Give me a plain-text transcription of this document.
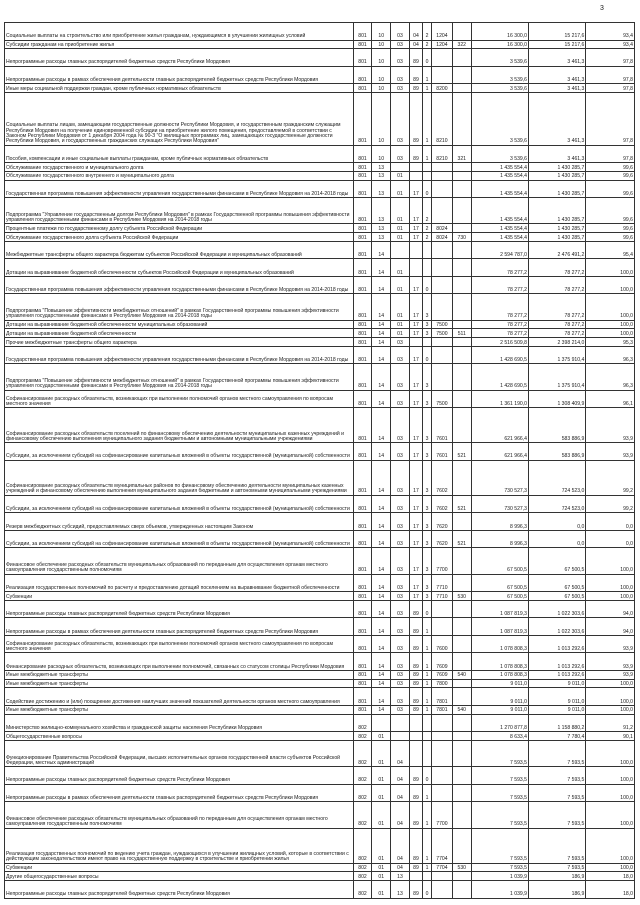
3
Социальные выплаты на строительство или приобретение жилья гражданам, нуждающимся в улучшении жилищных условий	801	10	03	04	2	1204		16 300,0	15 217,6	93,4
Субсидии гражданам на приобретение жилья	801	10	03	04	2	1204	322	16 300,0	15 217,6	93,4
Непрограммные расходы главных распорядителей бюджетных средств Республики Мордовия	801	10	03	89	0			3 539,6	3 461,3	97,8
Непрограммные расходы в рамках обеспечения деятельности главных распорядителей бюджетных средств Республики Мордовия	801	10	03	89	1			3 539,6	3 461,3	97,8
Иные меры социальной поддержки граждан, кроме публичных нормативных обязательств	801	10	03	89	1	8200		3 539,6	3 461,3	97,8
Социальные выплаты лицам, замещающим государственные должности Республики Мордовия, и государственным гражданским служащим Республики Мордовия на получение единовременной субсидии на приобретение жилого помещения, предоставляемой в соответствии с Законом Республики Мордовия от 1 декабря 2004 года № 90-З "О жилищных программах лиц, замещающих государственные должности Республики Мордовия, и государственных гражданских служащих Республики Мордовия"	801	10	03	89	1	8210		3 539,6	3 461,3	97,8
Пособия, компенсации и иные социальные выплаты гражданам, кроме публичных нормативных обязательств	801	10	03	89	1	8210	321	3 539,6	3 461,3	97,8
Обслуживание государственного и муниципального долга	801	13						1 435 554,4	1 430 285,7	99,6
Обслуживание государственного внутреннего и муниципального долга	801	13	01					1 435 554,4	1 430 285,7	99,6
Государственная программа повышения эффективности управления государственными финансами в Республике Мордовия на 2014-2018 годы	801	13	01	17	0			1 435 554,4	1 430 285,7	99,6
Подпрограмма "Управление государственным долгом Республики Мордовия" в рамках Государственной программы повышения эффективности управления государственными финансами в Республике Мордовия на 2014-2018 годы	801	13	01	17	2			1 435 554,4	1 430 285,7	99,6
Процентные платежи по государственному долгу субъекта Российской Федерации	801	13	01	17	2	8024		1 435 554,4	1 430 285,7	99,6
Обслуживание государственного долга субъекта Российской Федерации	801	13	01	17	2	8024	730	1 435 554,4	1 430 285,7	99,6
Межбюджетные трансферты общего характера бюджетам субъектов Российской Федерации и муниципальных образований	801	14						2 594 787,0	2 476 491,2	95,4
Дотации на выравнивание бюджетной обеспеченности субъектов Российской Федерации и муниципальных образований	801	14	01					78 277,2	78 277,2	100,0
Государственная программа повышения эффективности управления государственными финансами в Республике Мордовия на 2014-2018 годы	801	14	01	17	0			78 277,2	78 277,2	100,0
Подпрограмма "Повышение эффективности межбюджетных отношений" в рамках Государственной программы повышения эффективности управления государственными финансами в Республике Мордовия на 2014-2018 годы	801	14	01	17	3			78 277,2	78 277,2	100,0
Дотации на выравнивание бюджетной обеспеченности муниципальных образований	801	14	01	17	3	7500		78 277,2	78 277,2	100,0
Дотации на выравнивание бюджетной обеспеченности	801	14	01	17	3	7500	511	78 277,2	78 277,2	100,0
Прочие межбюджетные трансферты общего характера	801	14	03					2 516 509,8	2 398 214,0	95,3
Государственная программа повышения эффективности управления государственными финансами в Республике Мордовия на 2014-2018 годы	801	14	03	17	0			1 428 690,5	1 375 910,4	96,3
Подпрограмма "Повышение эффективности межбюджетных отношений" в рамках Государственной программы повышения эффективности управления государственными финансами в Республике Мордовия на 2014-2018 годы	801	14	03	17	3			1 428 690,5	1 375 910,4	96,3
Софинансирование расходных обязательств, возникающих при выполнении полномочий органов местного самоуправления по вопросам местного значения	801	14	03	17	3	7500		1 361 190,0	1 308 409,9	96,1
Софинансирование расходных обязательств поселений по финансовому обеспечению деятельности муниципальных казенных учреждений и финансовому обеспечению выполнения муниципального задания бюджетными и автономными муниципальными учреждениями	801	14	03	17	3	7601		621 966,4	583 886,9	93,9
Субсидии, за исключением субсидий на софинансирование капитальных вложений в объекты государственной (муниципальной) собственности	801	14	03	17	3	7601	521	621 966,4	583 886,9	93,9
Софинансирование расходных обязательств муниципальных районов по финансовому обеспечению деятельности муниципальных казенных учреждений и финансовому обеспечению выполнения муниципального задания бюджетными и автономными муниципальными учреждениями	801	14	03	17	3	7602		730 527,3	724 523,0	99,2
Субсидии, за исключением субсидий на софинансирование капитальных вложений в объекты государственной (муниципальной) собственности	801	14	03	17	3	7602	521	730 527,3	724 523,0	99,2
Резерв межбюджетных субсидий, предоставляемых сверх объемов, утвержденных настоящим Законом	801	14	03	17	3	7620		8 996,3	0,0	0,0
Субсидии, за исключением субсидий на софинансирование капитальных вложений в объекты государственной (муниципальной) собственности	801	14	03	17	3	7620	521	8 996,3	0,0	0,0
Финансовое обеспечение расходных обязательств муниципальных образований по переданным для осуществления органам местного самоуправления государственным полномочиям	801	14	03	17	3	7700		67 500,5	67 500,5	100,0
Реализация государственных полномочий по расчету и предоставлению дотаций поселениям на выравнивание бюджетной обеспеченности	801	14	03	17	3	7710		67 500,5	67 500,5	100,0
Субвенции	801	14	03	17	3	7710	530	67 500,5	67 500,5	100,0
Непрограммные расходы главных распорядителей бюджетных средств Республики Мордовия	801	14	03	89	0			1 087 819,3	1 022 303,6	94,0
Непрограммные расходы в рамках обеспечения деятельности главных распорядителей бюджетных средств Республики Мордовия	801	14	03	89	1			1 087 819,3	1 022 303,6	94,0
Софинансирование расходных обязательств, возникающих при выполнении полномочий органов местного самоуправления по вопросам местного значения	801	14	03	89	1	7600		1 078 808,3	1 013 292,6	93,9
Финансирование расходных обязательств, возникающих при выполнении полномочий, связанных со статусом столицы Республики Мордовия	801	14	03	89	1	7609		1 078 808,3	1 013 292,6	93,9
Иные межбюджетные трансферты	801	14	03	89	1	7609	540	1 078 808,3	1 013 292,6	93,9
Иные межбюджетные трансферты	801	14	03	89	1	7800		9 011,0	9 011,0	100,0
Содействие достижению и (или) поощрение достижения наилучших значений показателей деятельности органов местного самоуправления	801	14	03	89	1	7801		9 011,0	9 011,0	100,0
Иные межбюджетные трансферты	801	14	03	89	1	7801	540	9 011,0	9 011,0	100,0
Министерство жилищно-коммунального хозяйства и гражданской защиты населения Республики Мордовия	802							1 270 877,8	1 158 880,2	91,2
Общегосударственные вопросы	802	01						8 633,4	7 780,4	90,1
Функционирование Правительства Российской Федерации, высших исполнительных органов государственной власти субъектов Российской Федерации, местных администраций	802	01	04					7 593,5	7 593,5	100,0
Непрограммные расходы главных распорядителей бюджетных средств Республики Мордовия	802	01	04	89	0			7 593,5	7 593,5	100,0
Непрограммные расходы в рамках обеспечения деятельности главных распорядителей бюджетных средств Республики Мордовия	802	01	04	89	1			7 593,5	7 593,5	100,0
Финансовое обеспечение расходных обязательств муниципальных образований по переданным для осуществления органам местного самоуправления государственным полномочиям	802	01	04	89	1	7700		7 593,5	7 593,5	100,0
Реализация государственных полномочий по ведению учета граждан, нуждающихся в улучшении жилищных условий, которые в соответствии с действующим законодательством имеют право на государственную поддержку в строительстве и приобретении жилья	802	01	04	89	1	7704		7 593,5	7 593,5	100,0
Субвенции	802	01	04	89	1	7704	530	7 593,5	7 593,5	100,0
Другие общегосударственные вопросы	802	01	13					1 039,9	186,9	18,0
Непрограммные расходы главных распорядителей бюджетных средств Республики Мордовия	802	01	13	89	0			1 039,9	186,9	18,0
